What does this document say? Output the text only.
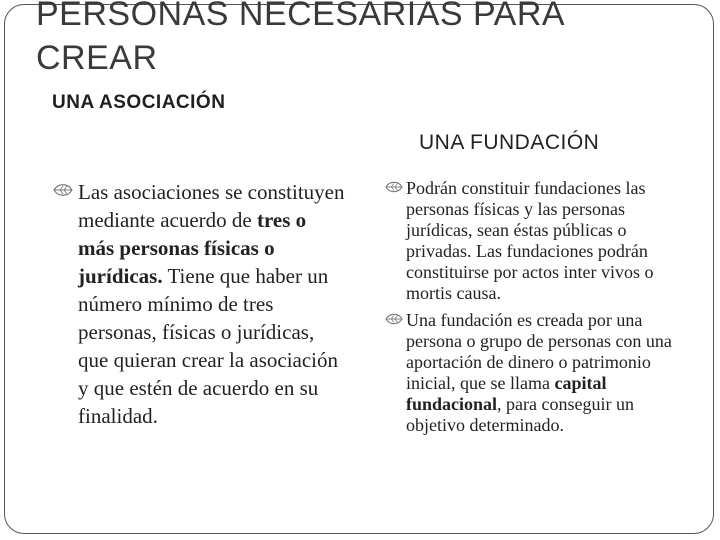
PERSONAS NECESARIAS PARA
CREAR
UNA ASOCIACIÓN
UNA FUNDACIÓN
Las asociaciones se constituyen mediante acuerdo de tres o más personas físicas o jurídicas. Tiene que haber un número mínimo de tres personas, físicas o jurídicas, que quieran crear la asociación y que estén de acuerdo en su finalidad.
Podrán constituir fundaciones las personas físicas y las personas jurídicas, sean éstas públicas o privadas. Las fundaciones podrán constituirse por actos inter vivos o mortis causa.
Una fundación es creada por una persona o grupo de personas con una aportación de dinero o patrimonio inicial, que se llama capital fundacional, para conseguir un objetivo determinado.
